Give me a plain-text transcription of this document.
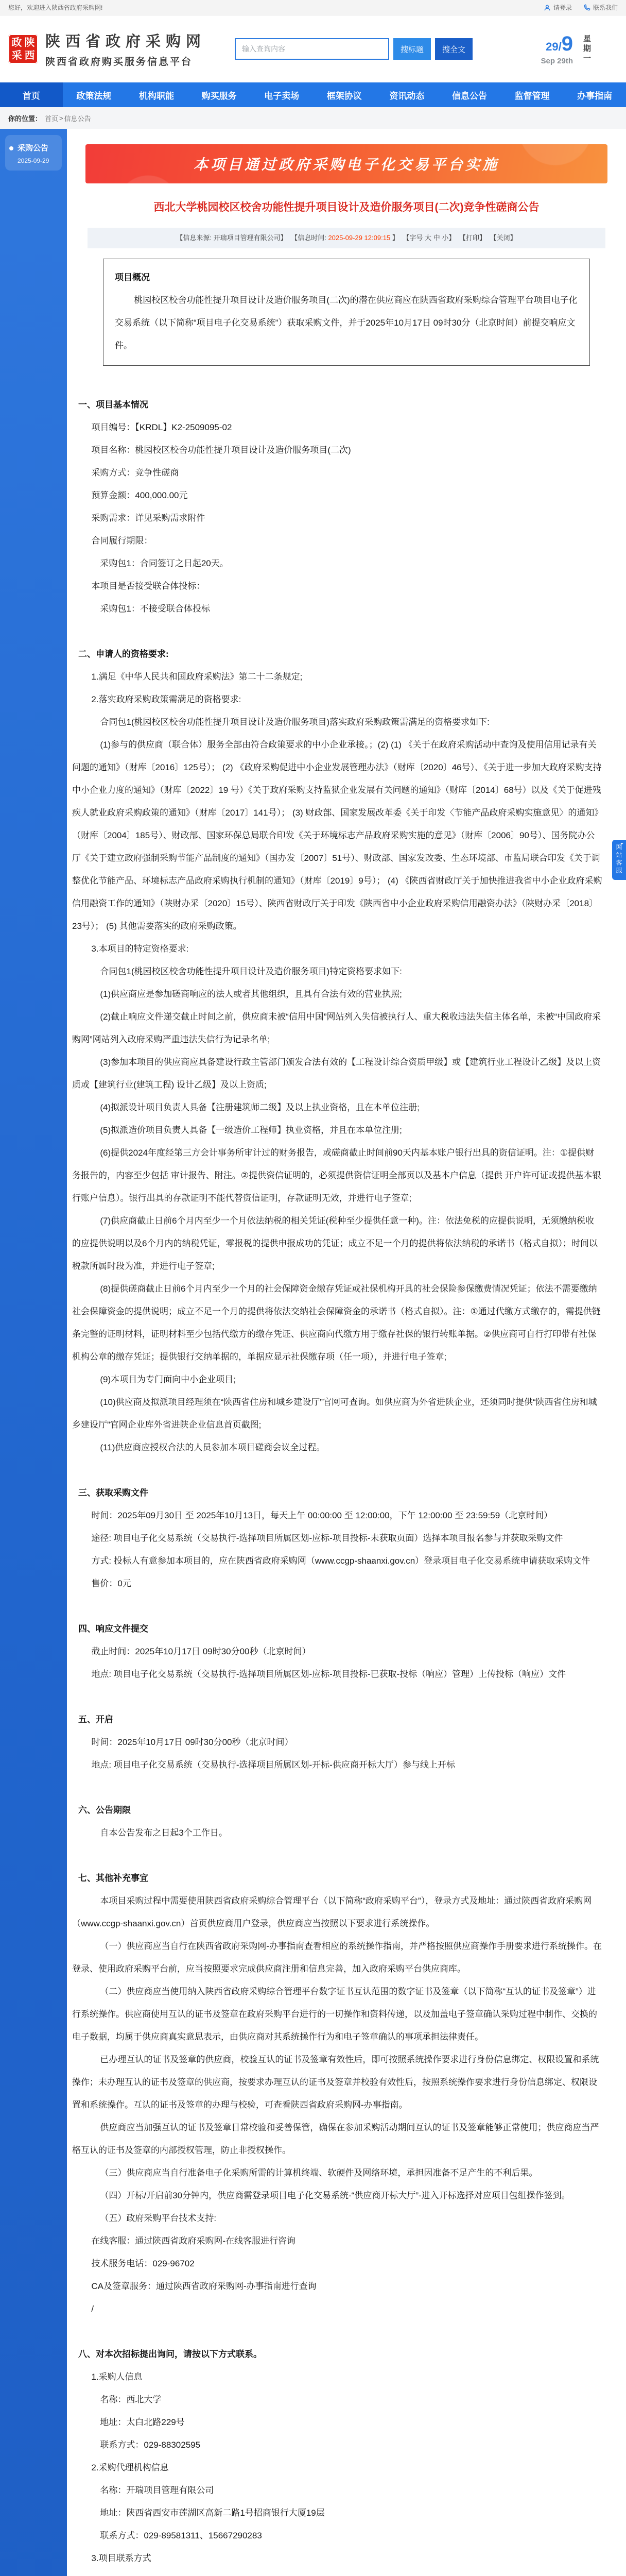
您好，欢迎进入陕西省政府采购网!	请登录	联系我们
政 陕
采 西
陕西省政府采购网
陕西省政府购买服务信息平台
输入查询内容
搜标题	搜全文	29/9
Sep 29th 星期一
首页	政策法规	机构职能	购买服务	电子卖场	框架协议	资讯动态	信息公告	监督管理	办事指南
你的位置： 首页 > 信息公告
采购公告
2025-09-29	本项目通过政府采购电子化交易平台实施
西北大学桃园校区校舍功能性提升项目设计及造价服务项目(二次)竞争性磋商公告
【信息来源: 开瑞项目管理有限公司】 【信息时间: 2025-09-29 12:09:15 】 【字号 大 中 小】 【打印】 【关闭】
项目概况
桃园校区校舍功能性提升项目设计及造价服务项目(二次)的潜在供应商应在陕西省政府采购综合管理平台项目电子化交易系统（以下简称“项目电子化交易系统”）获取采购文件，并于2025年10月17日 09时30分（北京时间）前提交响应文件。
一、项目基本情况
项目编号：【KRDL】K2-2509095-02
项目名称：桃园校区校舍功能性提升项目设计及造价服务项目(二次)
采购方式：竞争性磋商
预算金额：400,000.00元
采购需求：详见采购需求附件
合同履行期限：
采购包1：合同签订之日起20天。
本项目是否接受联合体投标：
采购包1：不接受联合体投标
二、申请人的资格要求:
1.满足《中华人民共和国政府采购法》第二十二条规定;
2.落实政府采购政策需满足的资格要求:
合同包1(桃园校区校舍功能性提升项目设计及造价服务项目)落实政府采购政策需满足的资格要求如下:
(1)参与的供应商（联合体）服务全部由符合政策要求的中小企业承接。；(2) (1) 《关于在政府采购活动中查询及使用信用记录有关问题的通知》（财库〔2016〕125号）； (2) 《政府采购促进中小企业发展管理办法》（财库〔2020〕46号）、《关于进一步加大政府采购支持中小企业力度的通知》（财库〔2022〕19 号）《关于政府采购支持监狱企业发展有关问题的通知》（财库〔2014〕68号）以及《关于促进残疾人就业政府采购政策的通知》（财库〔2017〕141号）； (3) 财政部、国家发展改革委《关于印发〈节能产品政府采购实施意见〉的通知》（财库〔2004〕185号）、财政部、国家环保总局联合印发《关于环境标志产品政府采购实施的意见》（财库〔2006〕90号）、国务院办公厅《关于建立政府强制采购节能产品制度的通知》（国办发〔2007〕51号）、财政部、国家发改委、生态环境部、市监局联合印发《关于调整优化节能产品、环境标志产品政府采购执行机制的通知》（财库〔2019〕9号）； (4) 《陕西省财政厅关于加快推进我省中小企业政府采购信用融资工作的通知》（陕财办采〔2020〕15号）、陕西省财政厅关于印发《陕西省中小企业政府采购信用融资办法》（陕财办采〔2018〕23号）； (5) 其他需要落实的政府采购政策。
3.本项目的特定资格要求:
合同包1(桃园校区校舍功能性提升项目设计及造价服务项目)特定资格要求如下:
(1)供应商应是参加磋商响应的法人或者其他组织，且具有合法有效的营业执照;
(2)截止响应文件递交截止时间之前，供应商未被“信用中国”网站列入失信被执行人、重大税收违法失信主体名单，未被“中国政府采购网”网站列入政府采购严重违法失信行为记录名单;
(3)参加本项目的供应商应具备建设行政主管部门颁发合法有效的【工程设计综合资质甲级】或【建筑行业工程设计乙级】及以上资质或【建筑行业(建筑工程) 设计乙级】及以上资质;
(4)拟派设计项目负责人具备【注册建筑师二级】及以上执业资格，且在本单位注册;
(5)拟派造价项目负责人具备【一级造价工程师】执业资格，并且在本单位注册;
(6)提供2024年度经第三方会计事务所审计过的财务报告，或磋商截止时间前90天内基本账户银行出具的资信证明。注：①提供财务报告的，内容至少包括 审计报告、附注。②提供资信证明的，必须提供资信证明全部页以及基本户信息（提供 开户许可证或提供基本银行账户信息）。银行出具的存款证明不能代替资信证明，存款证明无效，并进行电子签章;
(7)供应商截止日前6个月内至少一个月依法纳税的相关凭证(税种至少提供任意一种)。注：依法免税的应提供说明，无须缴纳税收的应提供说明以及6个月内的纳税凭证，零报税的提供申报成功的凭证；成立不足一个月的提供将依法纳税的承诺书（格式自拟）；时间以税款所属时段为准，并进行电子签章;
(8)提供磋商截止日前6个月内至少一个月的社会保障资金缴存凭证或社保机构开具的社会保险参保缴费情况凭证；依法不需要缴纳社会保障资金的提供说明；成立不足一个月的提供将依法交纳社会保障资金的承诺书（格式自拟）。注：①通过代缴方式缴存的，需提供链条完整的证明材料，证明材料至少包括代缴方的缴存凭证、供应商向代缴方用于缴存社保的银行转账单据。②供应商可自行打印带有社保机构公章的缴存凭证；提供银行交纳单据的，单据应显示社保缴存项（任一项），并进行电子签章;
(9)本项目为专门面向中小企业项目;
(10)供应商及拟派项目经理须在“陕西省住房和城乡建设厅”官网可查询。如供应商为外省进陕企业，还须同时提供“陕西省住房和城乡建设厅”官网企业库外省进陕企业信息首页截图;
(11)供应商应授权合法的人员参加本项目磋商会议全过程。
三、获取采购文件
时间：2025年09月30日 至 2025年10月13日，每天上午 00:00:00 至 12:00:00，下午 12:00:00 至 23:59:59（北京时间）
途径: 项目电子化交易系统（交易执行-选择项目所属区划-应标-项目投标-未获取页面）选择本项目报名参与并获取采购文件
方式: 投标人有意参加本项目的，应在陕西省政府采购网（www.ccgp-shaanxi.gov.cn）登录项目电子化交易系统申请获取采购文件
售价：0元
四、响应文件提交
截止时间：2025年10月17日 09时30分00秒（北京时间）
地点: 项目电子化交易系统（交易执行-选择项目所属区划-应标-项目投标-已获取-投标（响应）管理）上传投标（响应）文件
五、开启
时间：2025年10月17日 09时30分00秒（北京时间）
地点: 项目电子化交易系统（交易执行-选择项目所属区划-开标-供应商开标大厅）参与线上开标
六、公告期限
自本公告发布之日起3个工作日。
七、其他补充事宜
本项目采购过程中需要使用陕西省政府采购综合管理平台（以下简称“政府采购平台”），登录方式及地址：通过陕西省政府采购网（www.ccgp-shaanxi.gov.cn）首页供应商用户登录，供应商应当按照以下要求进行系统操作。
（一）供应商应当自行在陕西省政府采购网-办事指南查看相应的系统操作指南，并严格按照供应商操作手册要求进行系统操作。在登录、使用政府采购平台前，应当按照要求完成供应商注册和信息完善，加入政府采购平台供应商库。
（二）供应商应当使用纳入陕西省政府采购综合管理平台数字证书互认范围的数字证书及签章（以下简称“互认的证书及签章”）进行系统操作。供应商使用互认的证书及签章在政府采购平台进行的一切操作和资料传递，以及加盖电子签章确认采购过程中制作、交换的电子数据，均属于供应商真实意思表示，由供应商对其系统操作行为和电子签章确认的事项承担法律责任。
已办理互认的证书及签章的供应商，校验互认的证书及签章有效性后，即可按照系统操作要求进行身份信息绑定、权限设置和系统操作；未办理互认的证书及签章的供应商，按要求办理互认的证书及签章并校验有效性后，按照系统操作要求进行身份信息绑定、权限设置和系统操作。互认的证书及签章的办理与校验，可查看陕西省政府采购网-办事指南。
供应商应当加强互认的证书及签章日常校验和妥善保管，确保在参加采购活动期间互认的证书及签章能够正常使用；供应商应当严格互认的证书及签章的内部授权管理，防止非授权操作。
（三）供应商应当自行准备电子化采购所需的计算机终端、软硬件及网络环境，承担因准备不足产生的不利后果。
（四）开标/开启前30分钟内，供应商需登录项目电子化交易系统-“供应商开标大厅”-进入开标选择对应项目包组操作签到。
（五）政府采购平台技术支持:
在线客服：通过陕西省政府采购网-在线客服进行咨询
技术服务电话：029-96702
CA及签章服务：通过陕西省政府采购网-办事指南进行查询
/
八、对本次招标提出询问，请按以下方式联系。
1.采购人信息
名称：西北大学
地址：太白北路229号
联系方式：029-88302595
2.采购代理机构信息
名称：开瑞项目管理有限公司
地址：陕西省西安市莲湖区高新二路1号招商银行大厦19层
联系方式：029-89581311、15667290283
3.项目联系方式
网站客服
